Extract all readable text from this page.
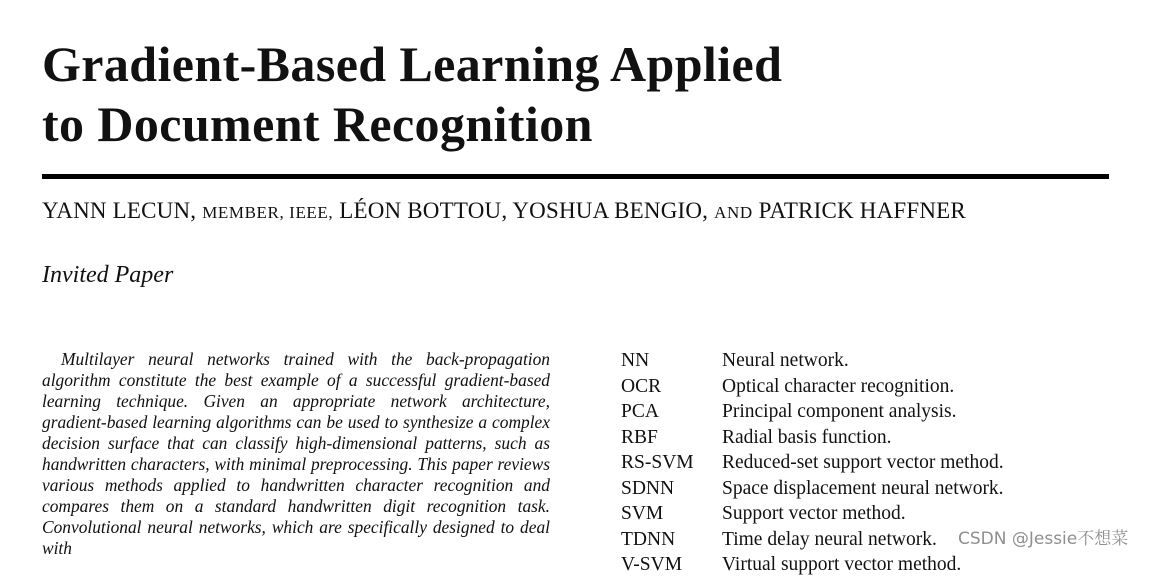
Gradient-Based Learning Applied
to Document Recognition
YANN LECUN, MEMBER, IEEE, LÉON BOTTOU, YOSHUA BENGIO, AND PATRICK HAFFNER
Invited Paper
Multilayer neural networks trained with the back-propagation algorithm constitute the best example of a successful gradient-based learning technique. Given an appropriate network architecture, gradient-based learning algorithms can be used to synthesize a complex decision surface that can classify high-dimensional patterns, such as handwritten characters, with minimal preprocessing. This paper reviews various methods applied to handwritten character recognition and compares them on a standard handwritten digit recognition task. Convolutional neural networks, which are specifically designed to deal with
NN	Neural network.
OCR	Optical character recognition.
PCA	Principal component analysis.
RBF	Radial basis function.
RS-SVM	Reduced-set support vector method.
SDNN	Space displacement neural network.
SVM	Support vector method.
TDNN	Time delay neural network.
V-SVM	Virtual support vector method.
CSDN @Jessie不想菜
